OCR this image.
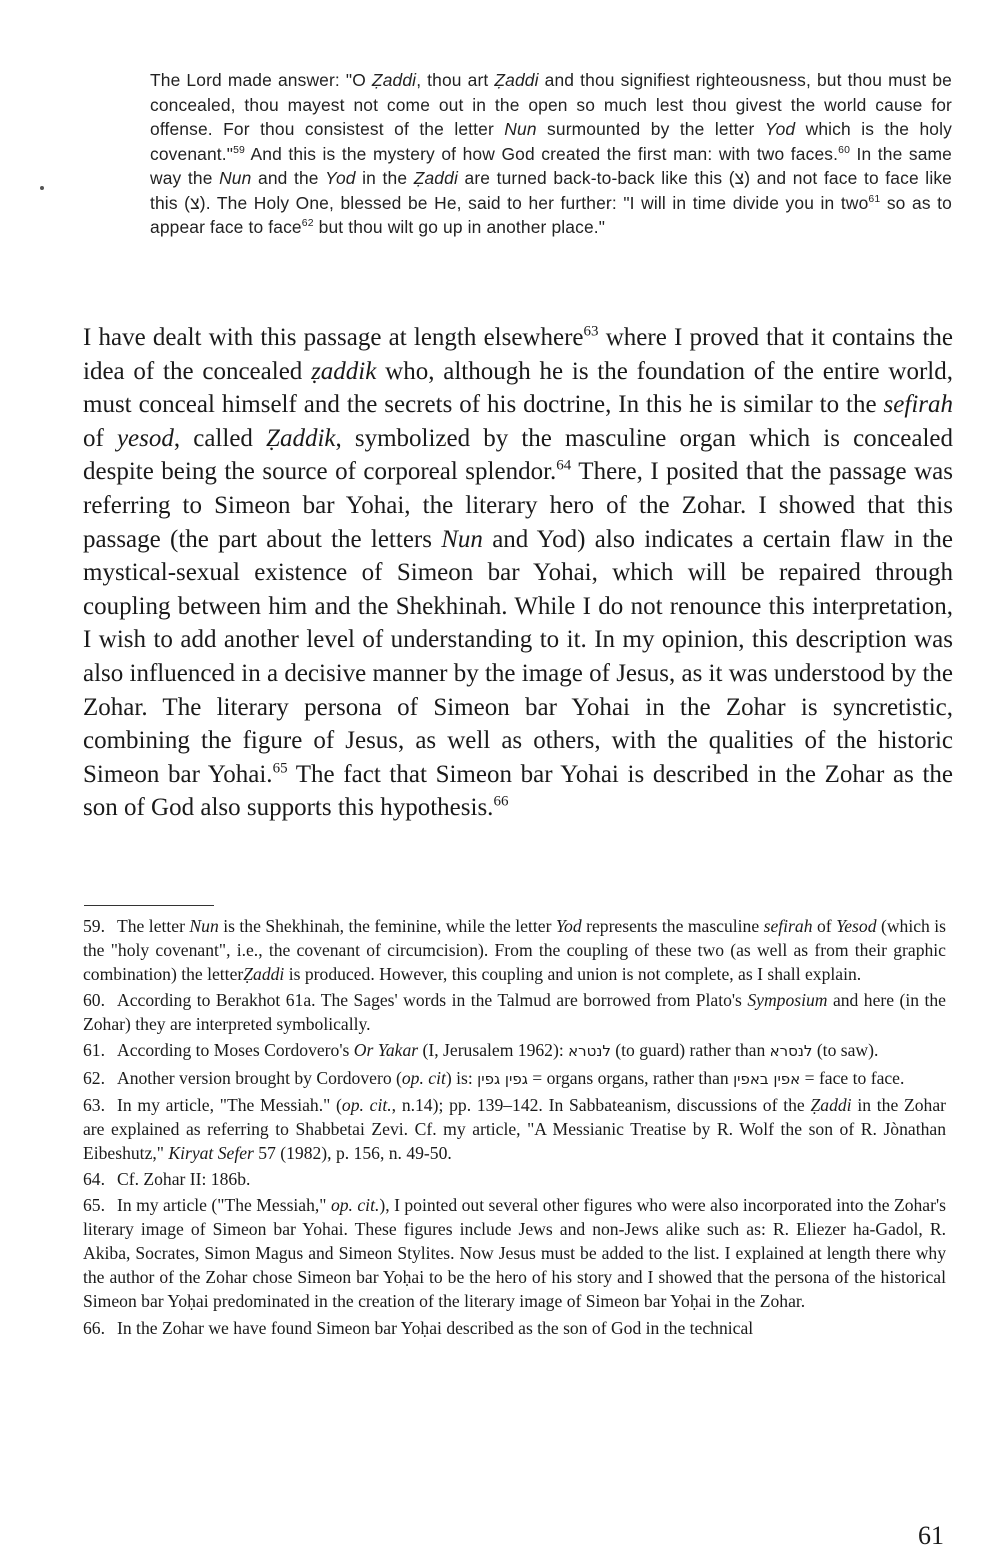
The Lord made answer: "O Ẓaddi, thou art Ẓaddi and thou signifiest righteousness, but thou must be concealed, thou mayest not come out in the open so much lest thou givest the world cause for offense. For thou consistest of the letter Nun surmounted by the letter Yod which is the holy covenant."$^{59}$ And this is the mystery of how God created the first man: with two faces.$^{60}$ In the same way the Nun and the Yod in the Ẓaddi are turned back-to-back like this (צ) and not face to face like this (צ). The Holy One, blessed be He, said to her further: "I will in time divide you in two$^{61}$ so as to appear face to face$^{62}$ but thou wilt go up in another place."

I have dealt with this passage at length elsewhere$^{63}$ where I proved that it contains the idea of the concealed ẓaddik who, although he is the foundation of the entire world, must conceal himself and the secrets of his doctrine, In this he is similar to the sefirah of yesod, called Ẓaddik, symbolized by the masculine organ which is concealed despite being the source of corporeal splendor.$^{64}$ There, I posited that the passage was referring to Simeon bar Yohai, the literary hero of the Zohar. I showed that this passage (the part about the letters Nun and Yod) also indicates a certain flaw in the mystical-sexual existence of Simeon bar Yohai, which will be repaired through coupling between him and the Shekhinah. While I do not renounce this interpretation, I wish to add another level of understanding to it. In my opinion, this description was also influenced in a decisive manner by the image of Jesus, as it was understood by the Zohar. The literary persona of Simeon bar Yohai in the Zohar is syncretistic, combining the figure of Jesus, as well as others, with the qualities of the historic Simeon bar Yohai.$^{65}$ The fact that Simeon bar Yohai is described in the Zohar as the son of God also supports this hypothesis.$^{66}$

59. The letter Nun is the Shekhinah, the feminine, while the letter Yod represents the masculine sefirah of Yesod (which is the "holy covenant", i.e., the covenant of circumcision). From the coupling of these two (as well as from their graphic combination) the letterẒaddi is produced. However, this coupling and union is not complete, as I shall explain.

60. According to Berakhot 61a. The Sages' words in the Talmud are borrowed from Plato's Symposium and here (in the Zohar) they are interpreted symbolically.

61. According to Moses Cordovero's Or Yakar (I, Jerusalem 1962): לנטרא (to guard) rather than לנסרא (to saw).

62. Another version brought by Cordovero (op. cit) is: גפין גפין = organs organs, rather than אפין באפין = face to face.

63. In my article, "The Messiah." (op. cit., n.14); pp. 139–142. In Sabbateanism, discussions of the Ẓaddi in the Zohar are explained as referring to Shabbetai Zevi. Cf. my article, "A Messianic Treatise by R. Wolf the son of R. Jònathan Eibeshutz," Kiryat Sefer 57 (1982), p. 156, n. 49-50.

64. Cf. Zohar II: 186b.

65. In my article ("The Messiah," op. cit.), I pointed out several other figures who were also incorporated into the Zohar's literary image of Simeon bar Yohai. These figures include Jews and non-Jews alike such as: R. Eliezer ha-Gadol, R. Akiba, Socrates, Simon Magus and Simeon Stylites. Now Jesus must be added to the list. I explained at length there why the author of the Zohar chose Simeon bar Yoḥai to be the hero of his story and I showed that the persona of the historical Simeon bar Yoḥai predominated in the creation of the literary image of Simeon bar Yoḥai in the Zohar.

66. In the Zohar we have found Simeon bar Yoḥai described as the son of God in the technical

61
